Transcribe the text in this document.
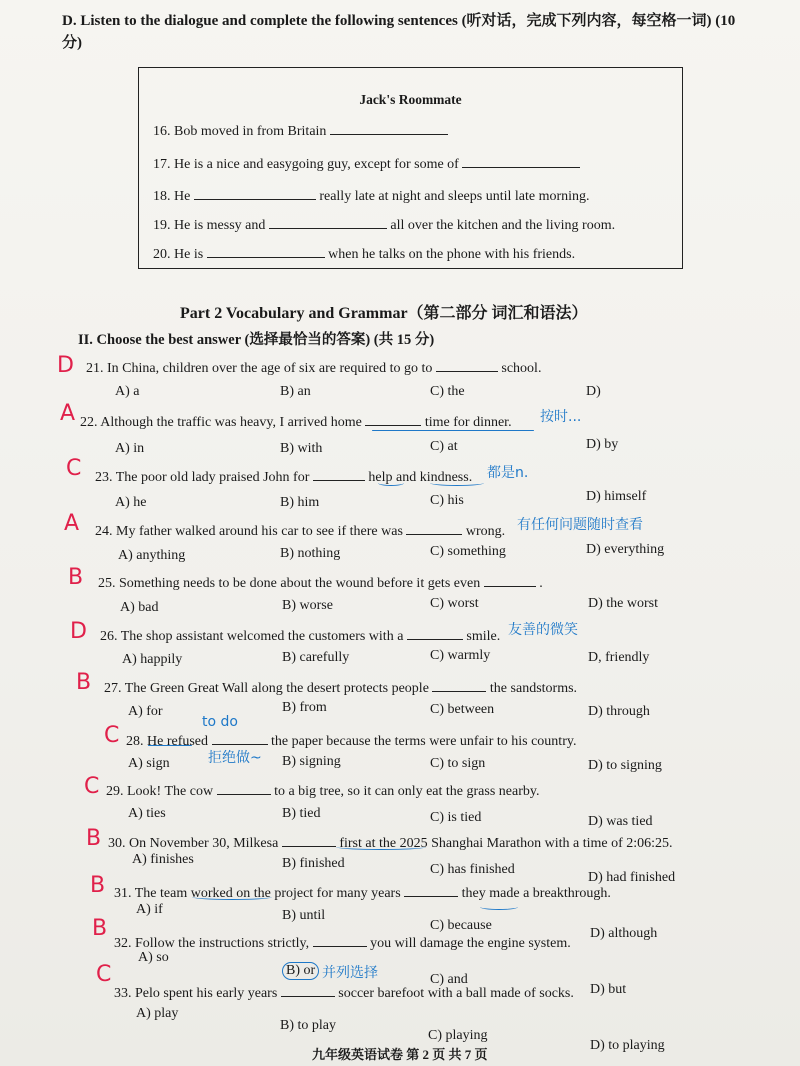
D. Listen to the dialogue and complete the following sentences (听对话，完成下列内容，每空格一词) (10分)

Jack's Roommate
16. Bob moved in from Britain
17. He is a nice and easygoing guy, except for some of
18. He	really late at night and sleeps until late morning.
19. He is messy and	all over the kitchen and the living room.
20. He is	when he talks on the phone with his friends.
Part 2 Vocabulary and Grammar（第二部分 词汇和语法）
II. Choose the best answer (选择最恰当的答案) (共 15 分)
D 21. In China, children over the age of six are required to go to	school.
A) a	B) an	C) the	D)
A 22. Although the traffic was heavy, I arrived home	time for dinner. 按时...
A) in	B) with	C) at	D) by
C 23. The poor old lady praised John for	help and kindness. 都是n.
A) he	B) him	C) his	D) himself
A 24. My father walked around his car to see if there was	wrong. 有任何问题随时查看
A) anything	B) nothing	C) something	D) everything
B 25. Something needs to be done about the wound before it gets even	.
A) bad	B) worse	C) worst	D) the worst
D 26. The shop assistant welcomed the customers with a	smile. 友善的微笑
A) happily	B) carefully	C) warmly	D, friendly
B 27. The Green Great Wall along the desert protects people	the sandstorms.
A) for	B) from	C) between	D) through
C
to do
28. He refused	the paper because the terms were unfair to his country.
拒绝做~
A) sign	B) signing	C) to sign	D) to signing
C 29. Look! The cow	to a big tree, so it can only eat the grass nearby.
A) ties	B) tied	C) is tied	D) was tied
B 30. On November 30, Milkesa	first at the 2025 Shanghai Marathon with a time of 2:06:25.
A) finishes	B) finished	C) has finished
D) had finished
B 31. The team worked on the project for many years	they made a breakthrough.
A) if	B) until
C) because
D) although
B
32. Follow the instructions strictly,	you will damage the engine system.
A) so
B) or 并列选择	C) and
D) but
C
33. Pelo spent his early years	soccer barefoot with a ball made of socks.
A) play
B) to play
C) playing
D) to playing
九年级英语试卷 第 2 页 共 7 页
